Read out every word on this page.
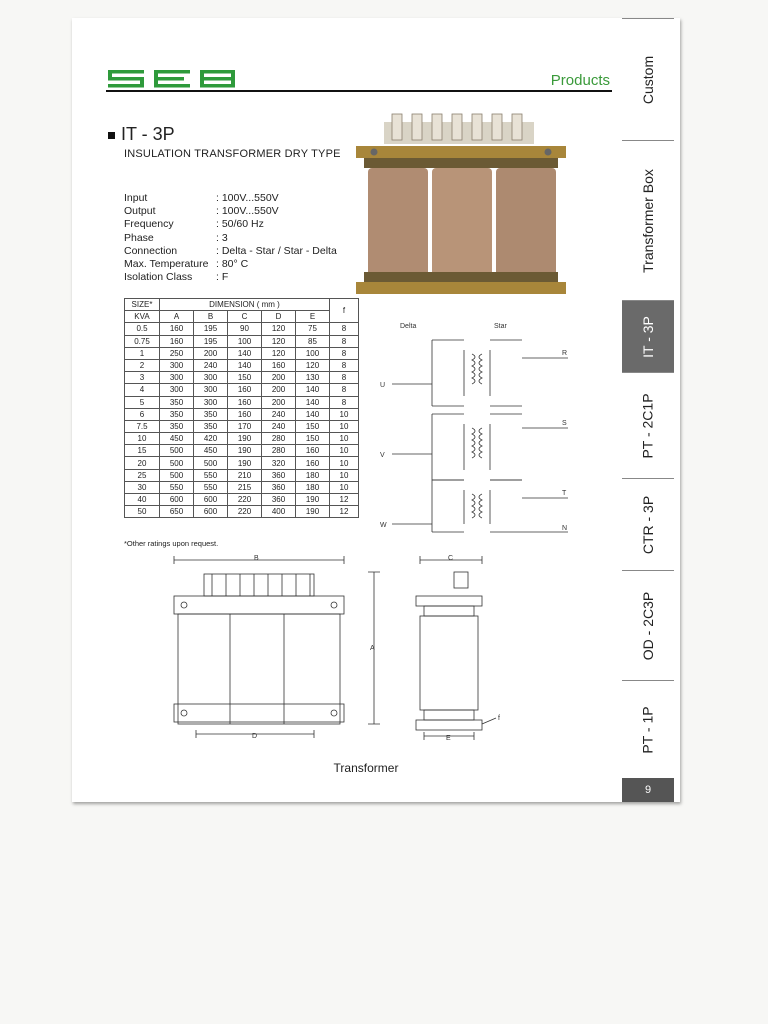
Products
IT - 3P
INSULATION TRANSFORMER DRY TYPE
Input	: 100V...550V
Output	: 100V...550V
Frequency	: 50/60 Hz
Phase	: 3
Connection	: Delta - Star / Star - Delta
Max. Temperature : 80° C
Isolation Class	: F
SIZE*	DIMENSION ( mm )					f
KVA	A	B	C	D	E	
0.5	160	195	90	120	75	8
0.75	160	195	100	120	85	8
1	250	200	140	120	100	8
2	300	240	140	160	120	8
3	300	300	150	200	130	8
4	300	300	160	200	140	8
5	350	300	160	200	140	8
6	350	350	160	240	140	10
7.5	350	350	170	240	150	10
10	450	420	190	280	150	10
15	500	450	190	280	160	10
20	500	500	190	320	160	10
25	500	550	210	360	180	10
30	550	550	215	360	180	10
40	600	600	220	360	190	12
50	650	600	220	400	190	12
*Other ratings upon request.
Delta	Star
U
V
W
R
S
T
N
B
D
A
C
f
E
Transformer
Custom
Transformer Box
IT - 3P
PT - 2C1P
CTR - 3P
OD - 2C3P
PT - 1P
9
